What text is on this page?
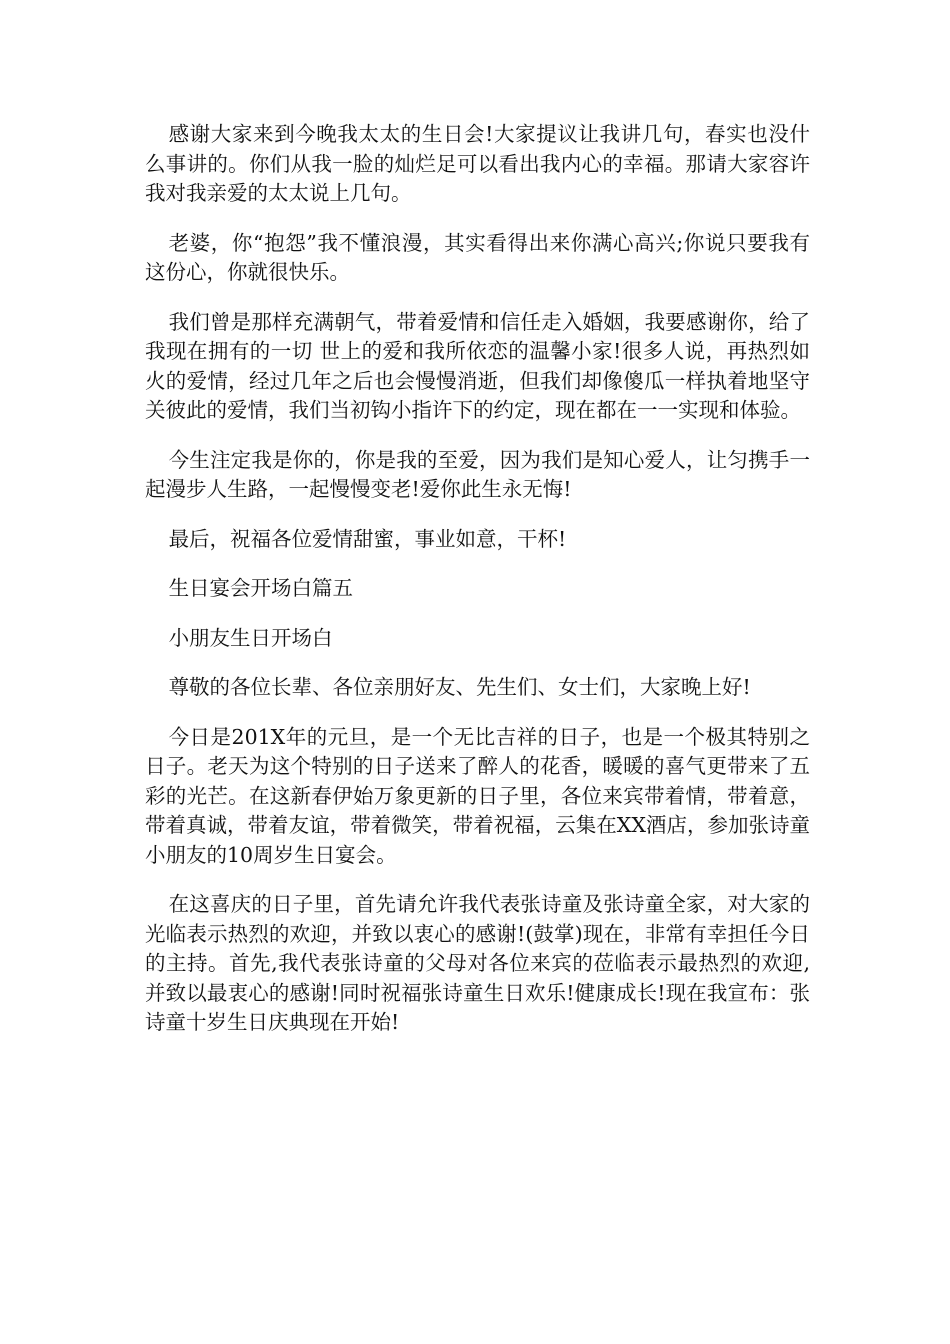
感谢大家来到今晚我太太的生日会!大家提议让我讲几句，春实也没什么事讲的。你们从我一脸的灿烂足可以看出我内心的幸福。那请大家容许我对我亲爱的太太说上几句。

老婆，你“抱怨”我不懂浪漫，其实看得出来你满心高兴;你说只要我有这份心，你就很快乐。

我们曾是那样充满朝气，带着爱情和信任走入婚姻，我要感谢你，给了我现在拥有的一切 世上的爱和我所依恋的温馨小家!很多人说，再热烈如火的爱情，经过几年之后也会慢慢消逝，但我们却像傻瓜一样执着地坚守关彼此的爱情，我们当初钩小指许下的约定，现在都在一一实现和体验。

今生注定我是你的，你是我的至爱，因为我们是知心爱人，让匀携手一起漫步人生路，一起慢慢变老!爱你此生永无悔!

最后，祝福各位爱情甜蜜，事业如意，干杯!

生日宴会开场白篇五

小朋友生日开场白

尊敬的各位长辈、各位亲朋好友、先生们、女士们，大家晚上好!

今日是201X年的元旦，是一个无比吉祥的日子，也是一个极其特别之日子。老天为这个特别的日子送来了醉人的花香，暖暖的喜气更带来了五彩的光芒。在这新春伊始万象更新的日子里，各位来宾带着情，带着意，带着真诚，带着友谊，带着微笑，带着祝福，云集在XX酒店，参加张诗童小朋友的10周岁生日宴会。

在这喜庆的日子里，首先请允许我代表张诗童及张诗童全家，对大家的光临表示热烈的欢迎，并致以衷心的感谢!(鼓掌)现在，非常有幸担任今日的主持。首先,我代表张诗童的父母对各位来宾的莅临表示最热烈的欢迎,并致以最衷心的感谢!同时祝福张诗童生日欢乐!健康成长!现在我宣布：张诗童十岁生日庆典现在开始!
